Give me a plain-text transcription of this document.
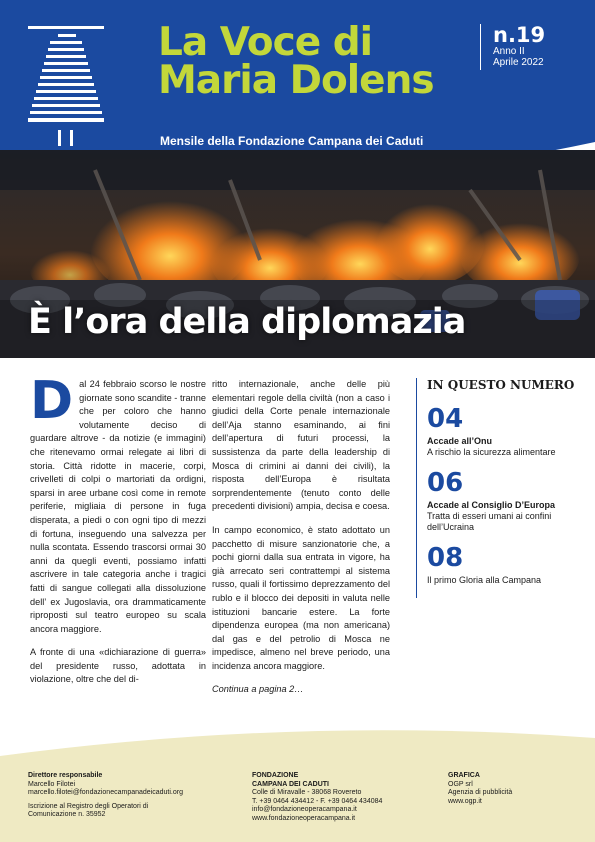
La Voce di
Maria Dolens
n.19
Anno II
Aprile 2022
Mensile della Fondazione Campana dei Caduti
È l’ora della diplomazia

D al 24 febbraio scorso le nostre giornate sono scandite - tranne che per coloro che hanno volutamente deciso di guardare altrove - da notizie (e immagini) che ritenevamo ormai relegate ai libri di storia. Città ridotte in macerie, corpi, crivelleti di colpi o martoriati da ordigni, sparsi in aree urbane così come in remote periferie, migliaia di persone in fuga disperata, a piedi o con ogni tipo di mezzi di fortuna, inseguendo una salvezza per nulla scontata. Essendo trascorsi ormai 30 anni da quegli eventi, possiamo infatti ascrivere in tale categoria anche i tragici fatti di sangue collegati alla dissoluzione dell’ ex Jugoslavia, ora drammaticamente riproposti sul teatro europeo su scala ancora maggiore.

A fronte di una «dichiarazione di guerra» del presidente russo, adottata in violazione, oltre che del di-

ritto internazionale, anche delle più elementari regole della civiltà (non a caso i giudici della Corte penale internazionale dell’Aja stanno esaminando, ai fini dell’apertura di futuri processi, la sussistenza da parte della leadership di Mosca di crimini ai danni dei civili), la risposta dell’Europa è risultata sorprendentemente (tenuto conto delle precedenti divisioni) ampia, decisa e coesa.

In campo economico, è stato adottato un pacchetto di misure sanzionatorie che, a pochi giorni dalla sua entrata in vigore, ha già arrecato seri contrattempi al sistema russo, quali il fortissimo deprezzamento del rublo e il blocco dei depositi in valuta nelle istituzioni bancarie estere. La forte dipendenza europea (ma non americana) dal gas e del petrolio di Mosca ne impedisce, almeno nel breve periodo, una incidenza ancora maggiore.

Continua a pagina 2…

IN QUESTO NUMERO
04
Accade all’Onu
A rischio la sicurezza alimentare
06
Accade al Consiglio D’Europa
Tratta di esseri umani ai confini dell’Ucraina
08
Il primo Gloria alla Campana
Direttore responsabile
Marcello Filotei
marcello.filotei@fondazionecampanadeicaduti.org
Iscrizione al Registro degli Operatori di
Comunicazione n. 35952
FONDAZIONE
CAMPANA DEI CADUTI
Colle di Miravalle - 38068 Rovereto
T. +39 0464 434412 - F. +39 0464 434084
info@fondazioneoperacampana.it
www.fondazioneoperacampana.it
GRAFICA
OGP srl
Agenzia di pubblicità
www.ogp.it
